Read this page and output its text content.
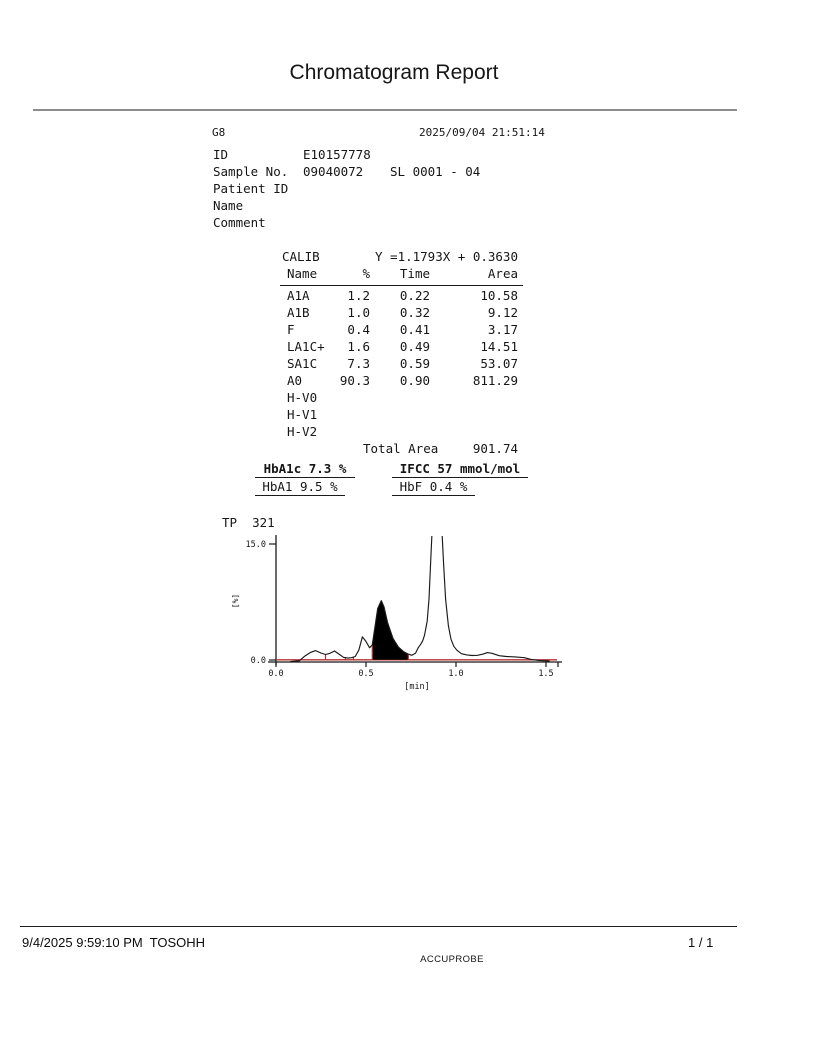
Chromatogram Report
G8	2025/09/04 21:51:14
ID	E10157778
Sample No. 09040072 SL 0001 - 04
Patient ID
Name
Comment
CALIB	Y =1.1793X + 0.3630
Name	%	Time	Area
A1A	1.2	0.22	10.58
A1B	1.0	0.32	9.12
F	0.4	0.41	3.17
LA1C+	1.6	0.49	14.51
SA1C	7.3	0.59	53.07
A0	90.3	0.90	811.29
H-V0
H-V1
H-V2
Total Area	901.74
HbA1c 7.3 %	IFCC 57 mmol/mol
HbA1 9.5 %	HbF 0.4 %
TP  321
15.0
0.0
0.0	0.5	1.0	1.5
[min]
[%]
9/4/2025 9:59:10 PM  TOSOHH	1 / 1
ACCUPROBE
